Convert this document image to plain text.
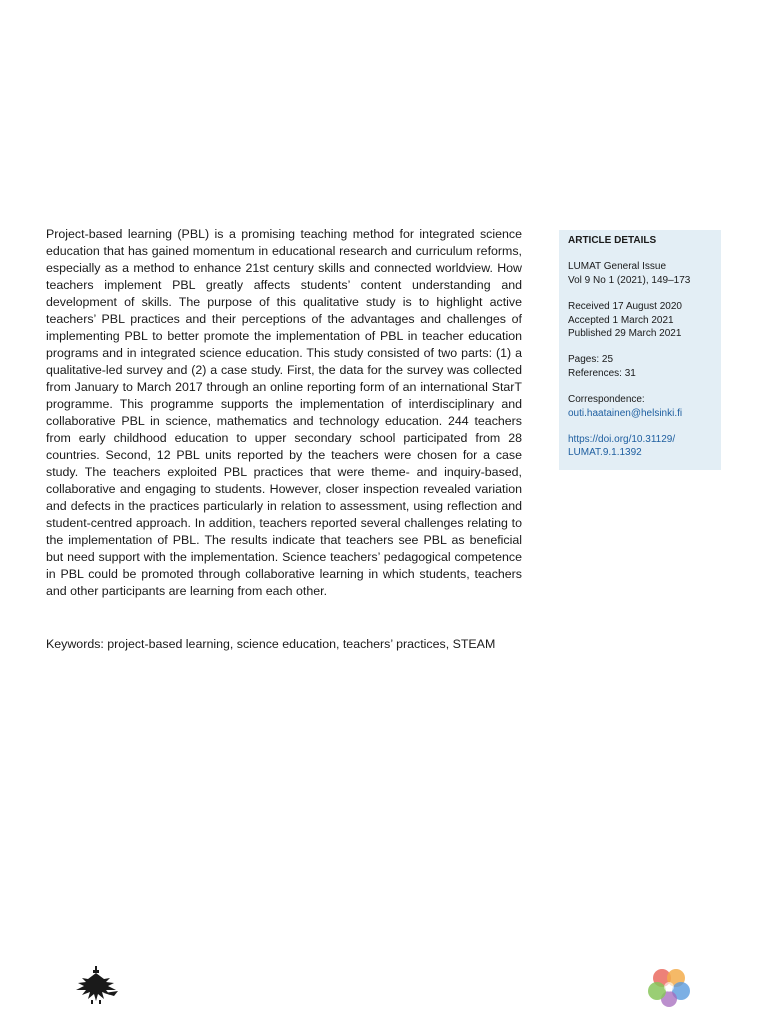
Project-based learning (PBL) is a promising teaching method for integrated science education that has gained momentum in educational research and curriculum reforms, especially as a method to enhance 21st century skills and connected worldview. How teachers implement PBL greatly affects students’ content understanding and development of skills. The purpose of this qualitative study is to highlight active teachers’ PBL practices and their perceptions of the advantages and challenges of implementing PBL to better promote the implementation of PBL in teacher education programs and in integrated science education. This study consisted of two parts: (1) a qualitative-led survey and (2) a case study. First, the data for the survey was collected from January to March 2017 through an online reporting form of an international StarT programme. This programme supports the implementation of interdisciplinary and collaborative PBL in science, mathematics and technology education. 244 teachers from early childhood education to upper secondary school participated from 28 countries. Second, 12 PBL units reported by the teachers were chosen for a case study. The teachers exploited PBL practices that were theme- and inquiry-based, collaborative and engaging to students. However, closer inspection revealed variation and defects in the practices particularly in relation to assessment, using reflection and student-centred approach. In addition, teachers reported several challenges relating to the implementation of PBL. The results indicate that teachers see PBL as beneficial but need support with the implementation. Science teachers’ pedagogical competence in PBL could be promoted through collaborative learning in which students, teachers and other participants are learning from each other.

Keywords: project-based learning, science education, teachers’ practices, STEAM

ARTICLE DETAILS
LUMAT General Issue
Vol 9 No 1 (2021), 149–173
Received 17 August 2020
Accepted 1 March 2021
Published 29 March 2021
Pages: 25
References: 31
Correspondence:
outi.haatainen@helsinki.fi
https://doi.org/10.31129/
LUMAT.9.1.1392
